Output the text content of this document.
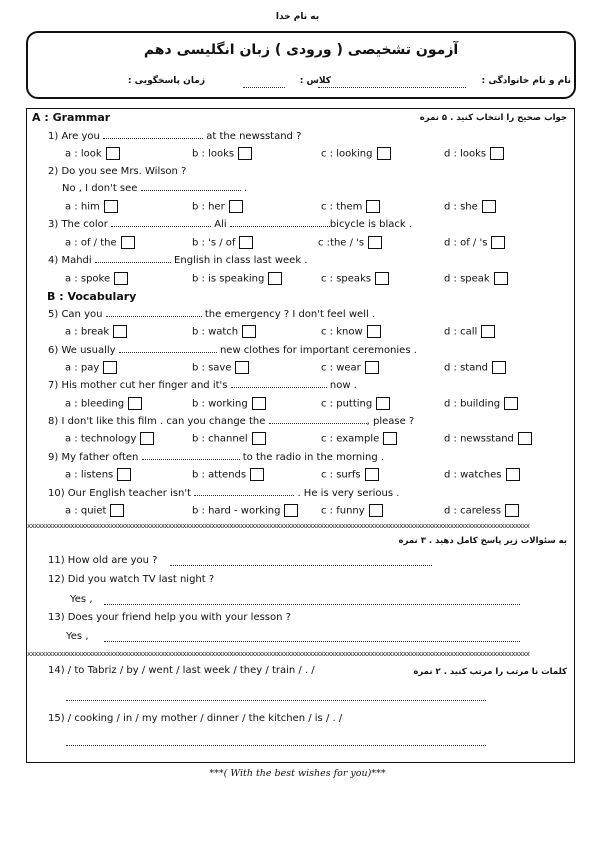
به نام خدا
آزمون تشخیصی ( ورودی ) زبان انگلیسی دهم
نام و نام خانوادگی :
کلاس :
زمان پاسخگویی :
A : Grammar	جواب صحیح را انتخاب کنید . ۵ نمره
1) Are you	at the newsstand ?
2) Do you see Mrs. Wilson ?
No , I don't see	.
3) The color	Ali	bicycle is black .
4) Mahdi	English in class last week .
B : Vocabulary
5) Can you	the emergency ? I don't feel well .
6) We usually	new clothes for important ceremonies .
7) His mother cut her finger and it's	now .
8) I don't like this film . can you change the	, please ?
9) My father often	to the radio in the morning .
10) Our English teacher isn't	. He is very serious .
a : look	b : looks	c : looking	d : looks
a : him	b : her	c : them	d : she
a : of / the	b : 's / of	c :the / 's	d : of / 's
a : spoke	b : is speaking	c : speaks	d : speak
a : break	b : watch	c : know	d : call
a : pay	b : save	c : wear	d : stand
a : bleeding	b : working	c : putting	d : building
a : technology	b : channel	c : example	d : newsstand
a : listens	b : attends	c : surfs	d : watches
a : quiet	b : hard - working	c : funny	d : careless
xxxxxxxxxxxxxxxxxxxxxxxxxxxxxxxxxxxxxxxxxxxxxxxxxxxxxxxxxxxxxxxxxxxxxxxxxxxxxxxxxxxxxxxxxxxxxxxxxxxxxxxxxxxxxxxxxxxxxxxxxxxxxxxxxxxxxxxxxxx
به سئوالات زیر پاسخ کامل دهید . ۳ نمره
11) How old are you ?
12) Did you watch TV last night ?
Yes ,
13) Does your friend help you with your lesson ?
Yes ,
xxxxxxxxxxxxxxxxxxxxxxxxxxxxxxxxxxxxxxxxxxxxxxxxxxxxxxxxxxxxxxxxxxxxxxxxxxxxxxxxxxxxxxxxxxxxxxxxxxxxxxxxxxxxxxxxxxxxxxxxxxxxxxxxxxxxxxxxxxx
14) / to Tabriz / by / went / last week / they / train / . /	کلمات نا مرتب را مرتب کنید . ۲ نمره
15) / cooking / in / my mother / dinner / the kitchen / is / . /
***( With the best wishes for you)***
